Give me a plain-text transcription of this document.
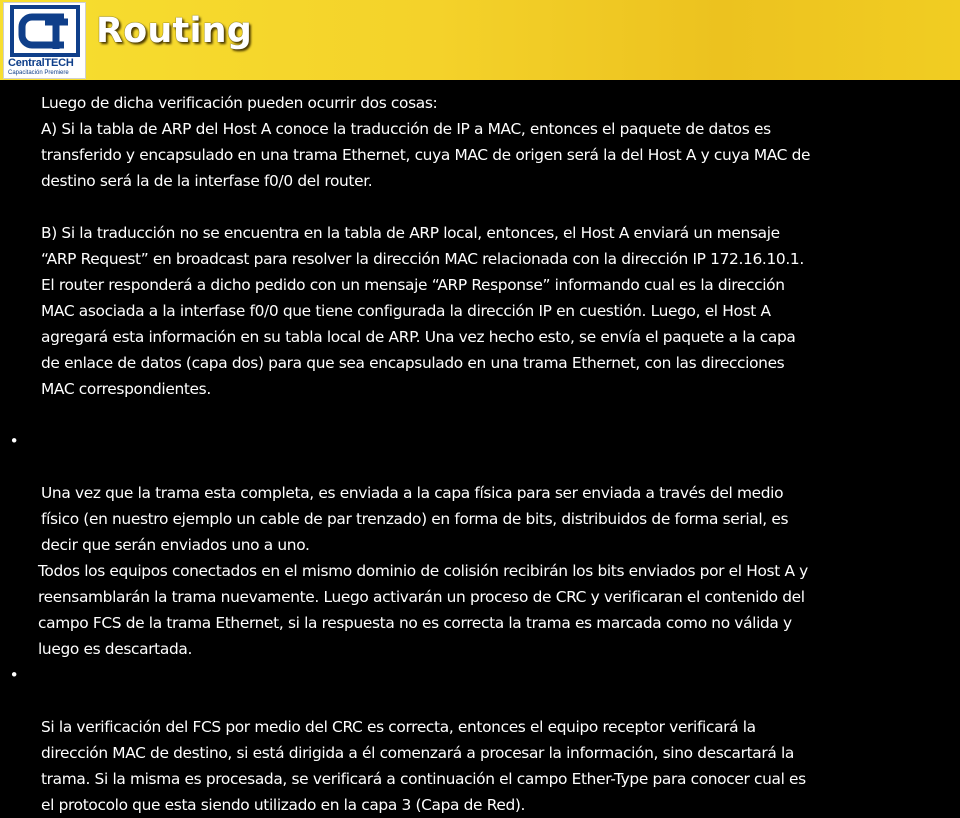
CentralTECH
Capacitación Premiere
Routing

Luego de dicha verificación pueden ocurrir dos cosas:
A) Si la tabla de ARP del Host A conoce la traducción de IP a MAC, entonces el paquete de datos es
transferido y encapsulado en una trama Ethernet, cuya MAC de origen será la del Host A y cuya MAC de
destino será la de la interfase f0/0 del router.

B) Si la traducción no se encuentra en la tabla de ARP local, entonces, el Host A enviará un mensaje
“ARP Request” en broadcast para resolver la dirección MAC relacionada con la dirección IP 172.16.10.1.
El router responderá a dicho pedido con un mensaje “ARP Response” informando cual es la dirección
MAC asociada a la interfase f0/0 que tiene configurada la dirección IP en cuestión. Luego, el Host A
agregará esta información en su tabla local de ARP. Una vez hecho esto, se envía el paquete a la capa
de enlace de datos (capa dos) para que sea encapsulado en una trama Ethernet, con las direcciones
MAC correspondientes.

•

Una vez que la trama esta completa, es enviada a la capa física para ser enviada a través del medio
físico (en nuestro ejemplo un cable de par trenzado) en forma de bits, distribuidos de forma serial, es
decir que serán enviados uno a uno.

Todos los equipos conectados en el mismo dominio de colisión recibirán los bits enviados por el Host A y
reensamblarán la trama nuevamente. Luego activarán un proceso de CRC y verificaran el contenido del
campo FCS de la trama Ethernet, si la respuesta no es correcta la trama es marcada como no válida y
luego es descartada.

•

Si la verificación del FCS por medio del CRC es correcta, entonces el equipo receptor verificará la
dirección MAC de destino, si está dirigida a él comenzará a procesar la información, sino descartará la
trama. Si la misma es procesada, se verificará a continuación el campo Ether-Type para conocer cual es
el protocolo que esta siendo utilizado en la capa 3 (Capa de Red).
